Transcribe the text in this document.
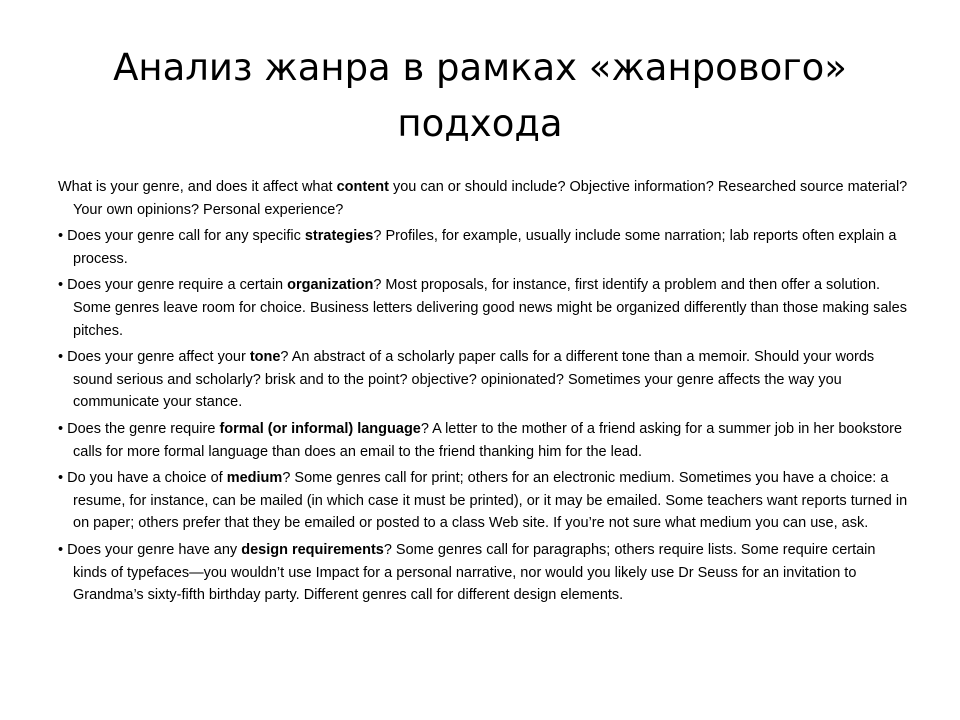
Анализ жанра в рамках «жанрового» подхода

What is your genre, and does it affect what content you can or should include? Objective information? Researched source material? Your own opinions? Personal experience?

• Does your genre call for any specific strategies? Profiles, for example, usually include some narration; lab reports often explain a process.

• Does your genre require a certain organization? Most proposals, for instance, first identify a problem and then offer a solution. Some genres leave room for choice. Business letters delivering good news might be organized differently than those making sales pitches.

• Does your genre affect your tone? An abstract of a scholarly paper calls for a different tone than a memoir. Should your words sound serious and scholarly? brisk and to the point? objective? opinionated? Sometimes your genre affects the way you communicate your stance.

• Does the genre require formal (or informal) language? A letter to the mother of a friend asking for a summer job in her bookstore calls for more formal language than does an email to the friend thanking him for the lead.

• Do you have a choice of medium? Some genres call for print; others for an electronic medium. Sometimes you have a choice: a resume, for instance, can be mailed (in which case it must be printed), or it may be emailed. Some teachers want reports turned in on paper; others prefer that they be emailed or posted to a class Web site. If you’re not sure what medium you can use, ask.

• Does your genre have any design requirements? Some genres call for paragraphs; others require lists. Some require certain kinds of typefaces—you wouldn’t use Impact for a personal narrative, nor would you likely use Dr Seuss for an invitation to Grandma’s sixty-fifth birthday party. Different genres call for different design elements.
